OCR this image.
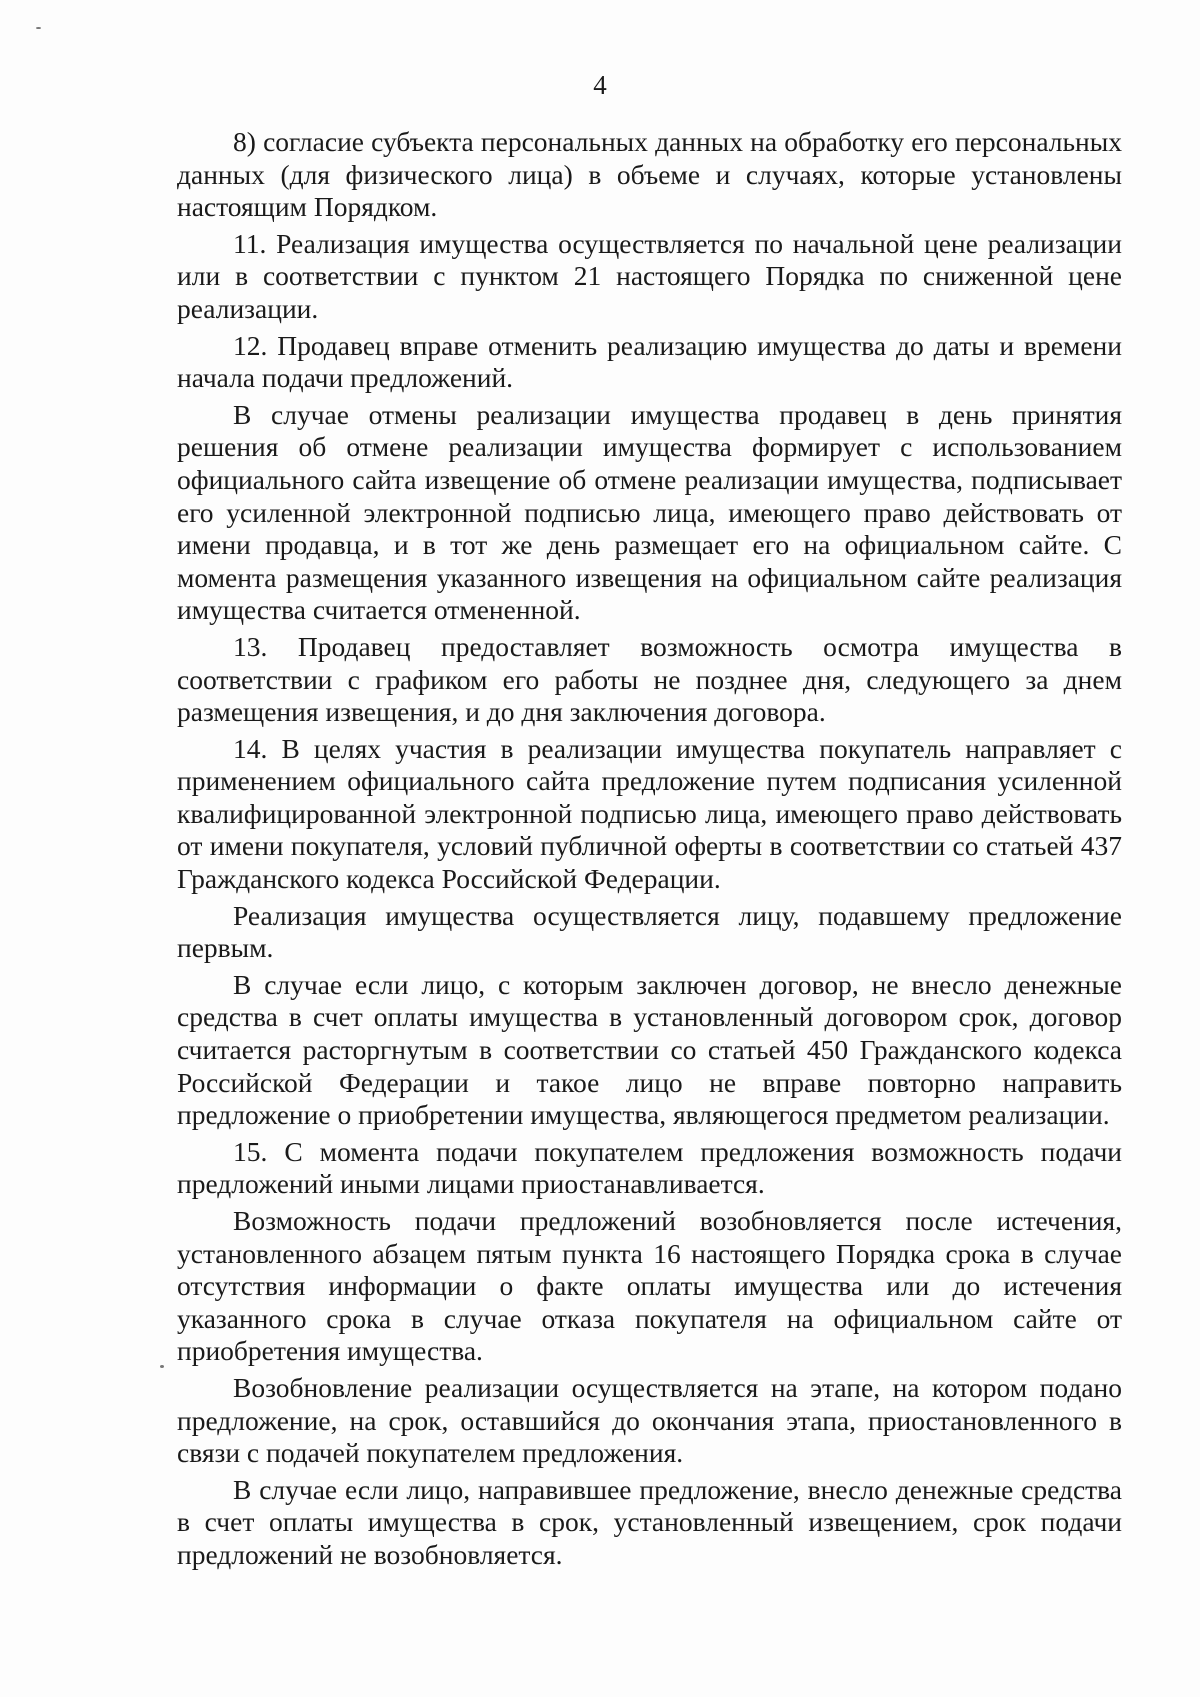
4

8) согласие субъекта персональных данных на обработку его персональных данных (для физического лица) в объеме и случаях, которые установлены настоящим Порядком.

11. Реализация имущества осуществляется по начальной цене реализации или в соответствии с пунктом 21 настоящего Порядка по сниженной цене реализации.

12. Продавец вправе отменить реализацию имущества до даты и времени начала подачи предложений.

В случае отмены реализации имущества продавец в день принятия решения об отмене реализации имущества формирует с использованием официального сайта извещение об отмене реализации имущества, подписывает его усиленной электронной подписью лица, имеющего право действовать от имени продавца, и в тот же день размещает его на официальном сайте. С момента размещения указанного извещения на официальном сайте реализация имущества считается отмененной.

13. Продавец предоставляет возможность осмотра имущества в соответствии с графиком его работы не позднее дня, следующего за днем размещения извещения, и до дня заключения договора.

14. В целях участия в реализации имущества покупатель направляет с применением официального сайта предложение путем подписания усиленной квалифицированной электронной подписью лица, имеющего право действовать от имени покупателя, условий публичной оферты в соответствии со статьей 437 Гражданского кодекса Российской Федерации.

Реализация имущества осуществляется лицу, подавшему предложение первым.

В случае если лицо, с которым заключен договор, не внесло денежные средства в счет оплаты имущества в установленный договором срок, договор считается расторгнутым в соответствии со статьей 450 Гражданского кодекса Российской Федерации и такое лицо не вправе повторно направить предложение о приобретении имущества, являющегося предметом реализации.

15. С момента подачи покупателем предложения возможность подачи предложений иными лицами приостанавливается.

Возможность подачи предложений возобновляется после истечения, установленного абзацем пятым пункта 16 настоящего Порядка срока в случае отсутствия информации о факте оплаты имущества или до истечения указанного срока в случае отказа покупателя на официальном сайте от приобретения имущества.

Возобновление реализации осуществляется на этапе, на котором подано предложение, на срок, оставшийся до окончания этапа, приостановленного в связи с подачей покупателем предложения.

В случае если лицо, направившее предложение, внесло денежные средства в счет оплаты имущества в срок, установленный извещением, срок подачи предложений не возобновляется.
